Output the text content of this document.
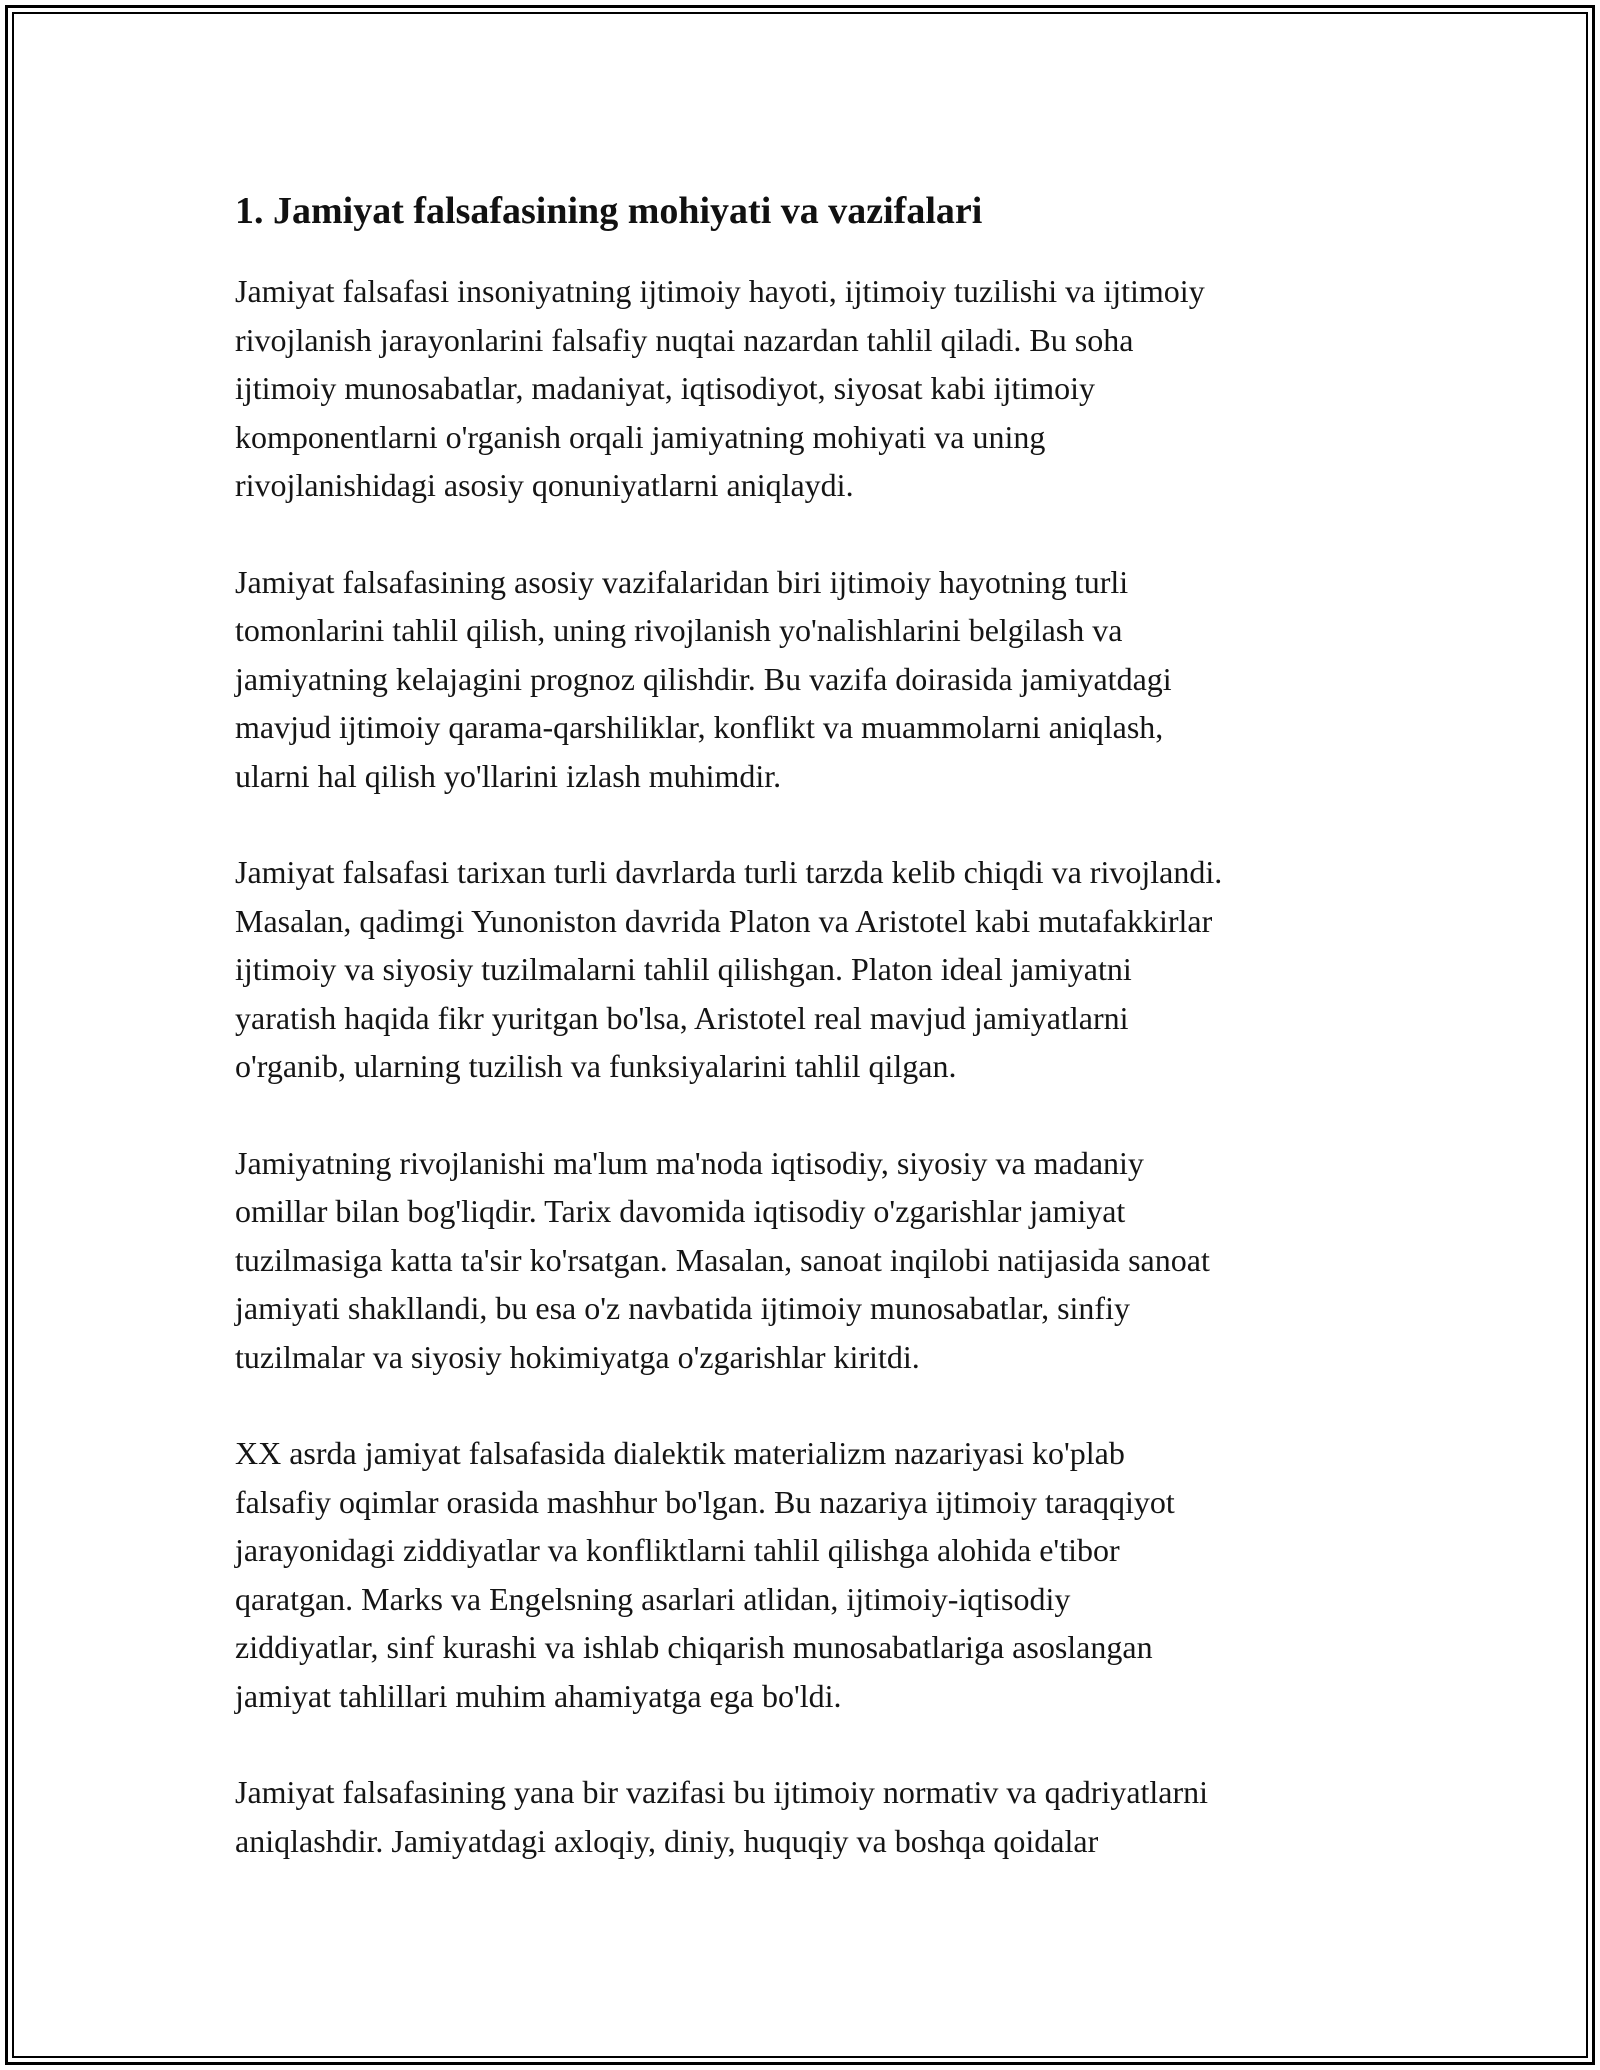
1. Jamiyat falsafasining mohiyati va vazifalari

Jamiyat falsafasi insoniyatning ijtimoiy hayoti, ijtimoiy tuzilishi va ijtimoiy
rivojlanish jarayonlarini falsafiy nuqtai nazardan tahlil qiladi. Bu soha
ijtimoiy munosabatlar, madaniyat, iqtisodiyot, siyosat kabi ijtimoiy
komponentlarni o'rganish orqali jamiyatning mohiyati va uning
rivojlanishidagi asosiy qonuniyatlarni aniqlaydi.

Jamiyat falsafasining asosiy vazifalaridan biri ijtimoiy hayotning turli
tomonlarini tahlil qilish, uning rivojlanish yo'nalishlarini belgilash va
jamiyatning kelajagini prognoz qilishdir. Bu vazifa doirasida jamiyatdagi
mavjud ijtimoiy qarama-qarshiliklar, konflikt va muammolarni aniqlash,
ularni hal qilish yo'llarini izlash muhimdir.

Jamiyat falsafasi tarixan turli davrlarda turli tarzda kelib chiqdi va rivojlandi.
Masalan, qadimgi Yunoniston davrida Platon va Aristotel kabi mutafakkirlar
ijtimoiy va siyosiy tuzilmalarni tahlil qilishgan. Platon ideal jamiyatni
yaratish haqida fikr yuritgan bo'lsa, Aristotel real mavjud jamiyatlarni
o'rganib, ularning tuzilish va funksiyalarini tahlil qilgan.

Jamiyatning rivojlanishi ma'lum ma'noda iqtisodiy, siyosiy va madaniy
omillar bilan bog'liqdir. Tarix davomida iqtisodiy o'zgarishlar jamiyat
tuzilmasiga katta ta'sir ko'rsatgan. Masalan, sanoat inqilobi natijasida sanoat
jamiyati shakllandi, bu esa o'z navbatida ijtimoiy munosabatlar, sinfiy
tuzilmalar va siyosiy hokimiyatga o'zgarishlar kiritdi.

XX asrda jamiyat falsafasida dialektik materializm nazariyasi ko'plab
falsafiy oqimlar orasida mashhur bo'lgan. Bu nazariya ijtimoiy taraqqiyot
jarayonidagi ziddiyatlar va konfliktlarni tahlil qilishga alohida e'tibor
qaratgan. Marks va Engelsning asarlari atlidan, ijtimoiy-iqtisodiy
ziddiyatlar, sinf kurashi va ishlab chiqarish munosabatlariga asoslangan
jamiyat tahlillari muhim ahamiyatga ega bo'ldi.

Jamiyat falsafasining yana bir vazifasi bu ijtimoiy normativ va qadriyatlarni
aniqlashdir. Jamiyatdagi axloqiy, diniy, huquqiy va boshqa qoidalar
